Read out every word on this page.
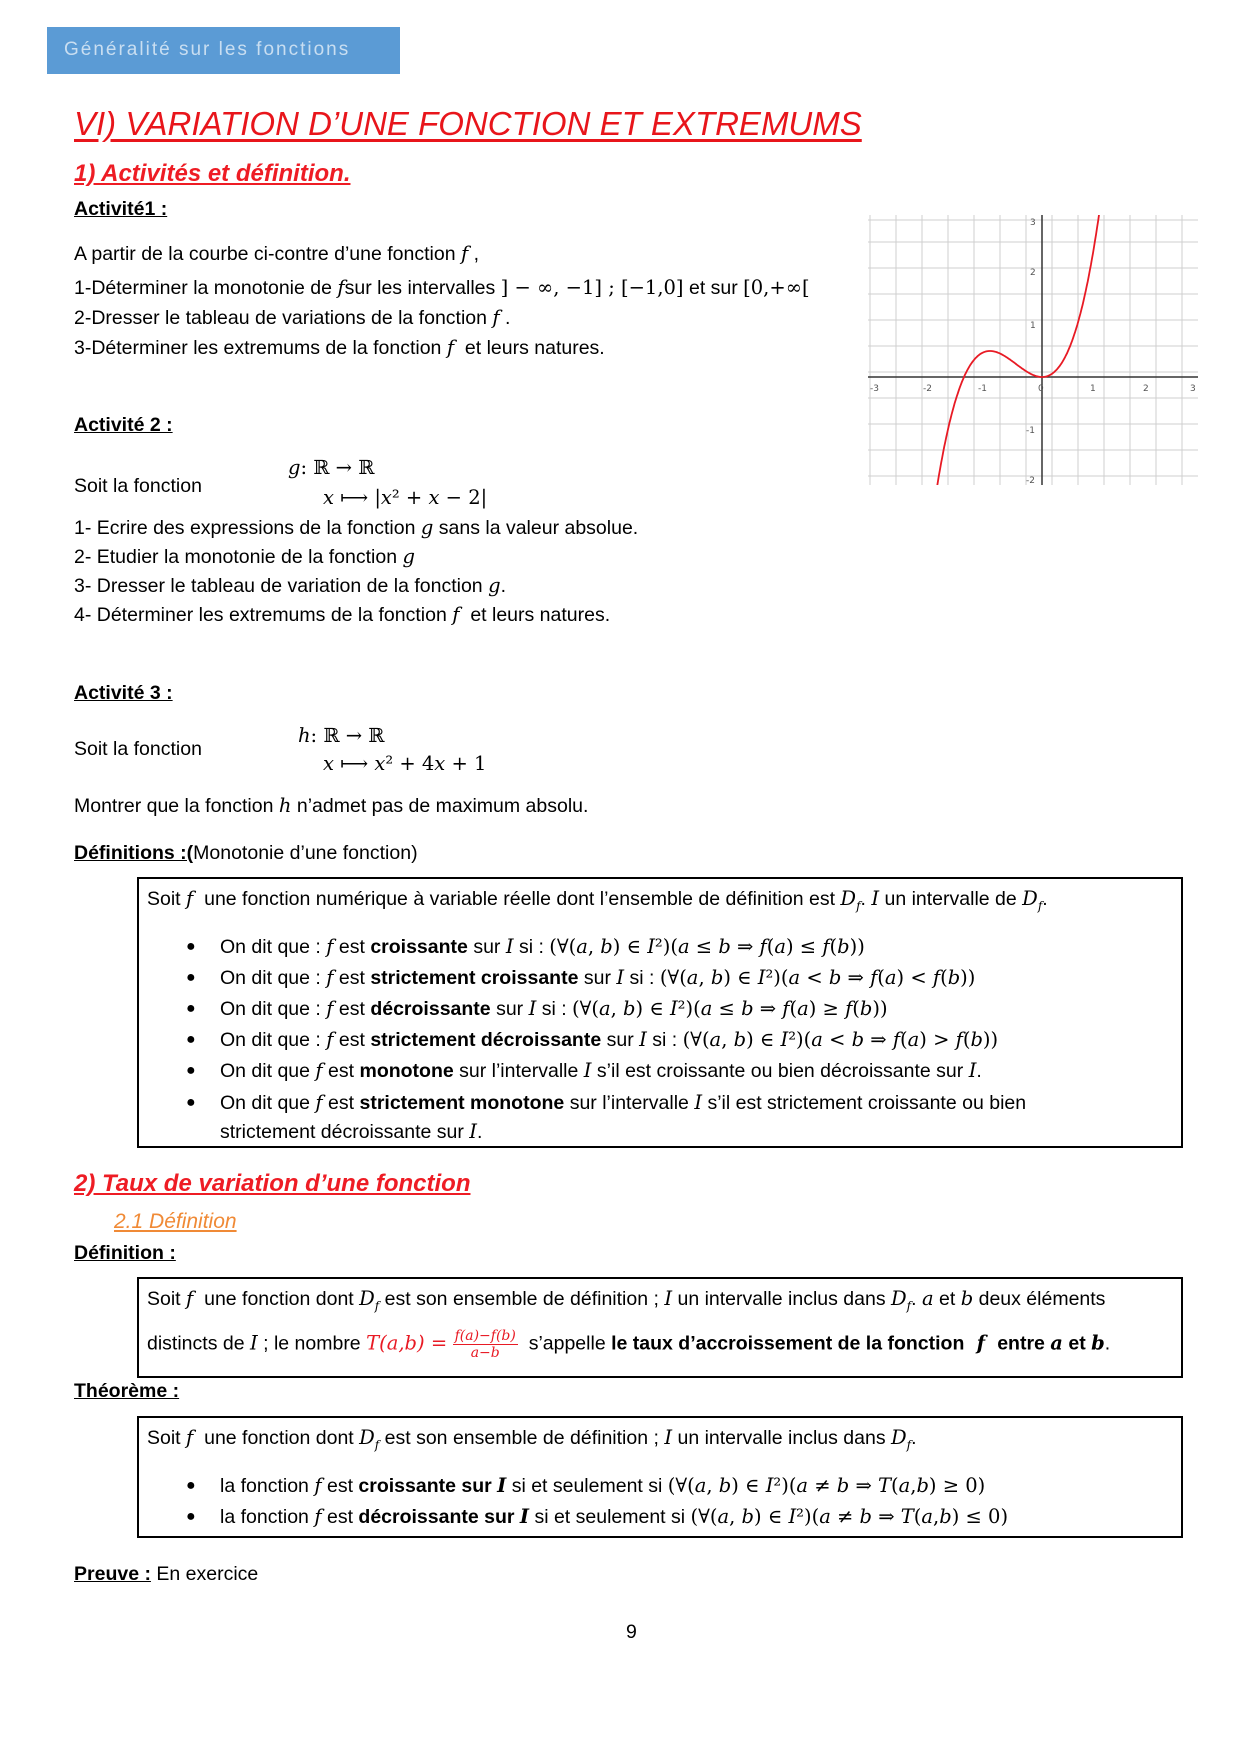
Généralité sur les fonctions
VI) VARIATION D’UNE FONCTION ET EXTREMUMS
1) Activités et définition.
Activité1 :
A partir de la courbe ci-contre d’une fonction f ,
1-Déterminer la monotonie de fsur les intervalles ] − ∞, −1] ; [−1,0] et sur [0,+∞[
2-Dresser le tableau de variations de la fonction f .
3-Déterminer les extremums de la fonction f et leurs natures.
-3	-2	-1	0	1	2	3
3
2
1
-1
-2
Activité 2 :
Soit la fonction
𝑔: ℝ → ℝ
𝑥 ⟼ |𝑥² + 𝑥 − 2|
1- Ecrire des expressions de la fonction g sans la valeur absolue.
2- Etudier la monotonie de la fonction g
3- Dresser le tableau de variation de la fonction g.
4- Déterminer les extremums de la fonction f et leurs natures.
Activité 3 :
Soit la fonction
ℎ: ℝ → ℝ
𝑥 ⟼ 𝑥² + 4𝑥 + 1
Montrer que la fonction h n’admet pas de maximum absolu.
Définitions :(Monotonie d’une fonction)
Soit f une fonction numérique à variable réelle dont l’ensemble de définition est $D_f$. I un intervalle de $D_f$.
● On dit que : f est croissante sur I si : (∀(𝑎, 𝑏) ∈ 𝐼²)(𝑎 ≤ 𝑏 ⇒ 𝑓(𝑎) ≤ 𝑓(𝑏))
● On dit que : f est strictement croissante sur I si : (∀(𝑎, 𝑏) ∈ 𝐼²)(𝑎 < 𝑏 ⇒ 𝑓(𝑎) < 𝑓(𝑏))
● On dit que : f est décroissante sur I si : (∀(𝑎, 𝑏) ∈ 𝐼²)(𝑎 ≤ 𝑏 ⇒ 𝑓(𝑎) ≥ 𝑓(𝑏))
● On dit que : f est strictement décroissante sur I si : (∀(𝑎, 𝑏) ∈ 𝐼²)(𝑎 < 𝑏 ⇒ 𝑓(𝑎) > 𝑓(𝑏))
● On dit que f est monotone sur l’intervalle I s’il est croissante ou bien décroissante sur I.
● On dit que f est strictement monotone sur l’intervalle I s’il est strictement croissante ou bien
strictement décroissante sur I.
2) Taux de variation d’une fonction
2.1 Définition
Définition :
Soit f une fonction dont $D_f$ est son ensemble de définition ; I un intervalle inclus dans $D_f$. a et b deux éléments
distincts de I ; le nombre 𝑇(𝑎,𝑏) = $\frac{\text{𝑓(𝑎)−𝑓(𝑏)}}{\text{𝑎−𝑏}}$ s’appelle le taux d’accroissement de la fonction  f  entre a et b.
Théorème :
Soit f une fonction dont $D_f$ est son ensemble de définition ; I un intervalle inclus dans $D_f$.
● la fonction f est croissante sur I si et seulement si (∀(𝑎, 𝑏) ∈ 𝐼²)(𝑎 ≠ 𝑏 ⇒ 𝑇(𝑎,𝑏) ≥ 0)
● la fonction f est décroissante sur I si et seulement si (∀(𝑎, 𝑏) ∈ 𝐼²)(𝑎 ≠ 𝑏 ⇒ 𝑇(𝑎,𝑏) ≤ 0)
Preuve : En exercice
9
